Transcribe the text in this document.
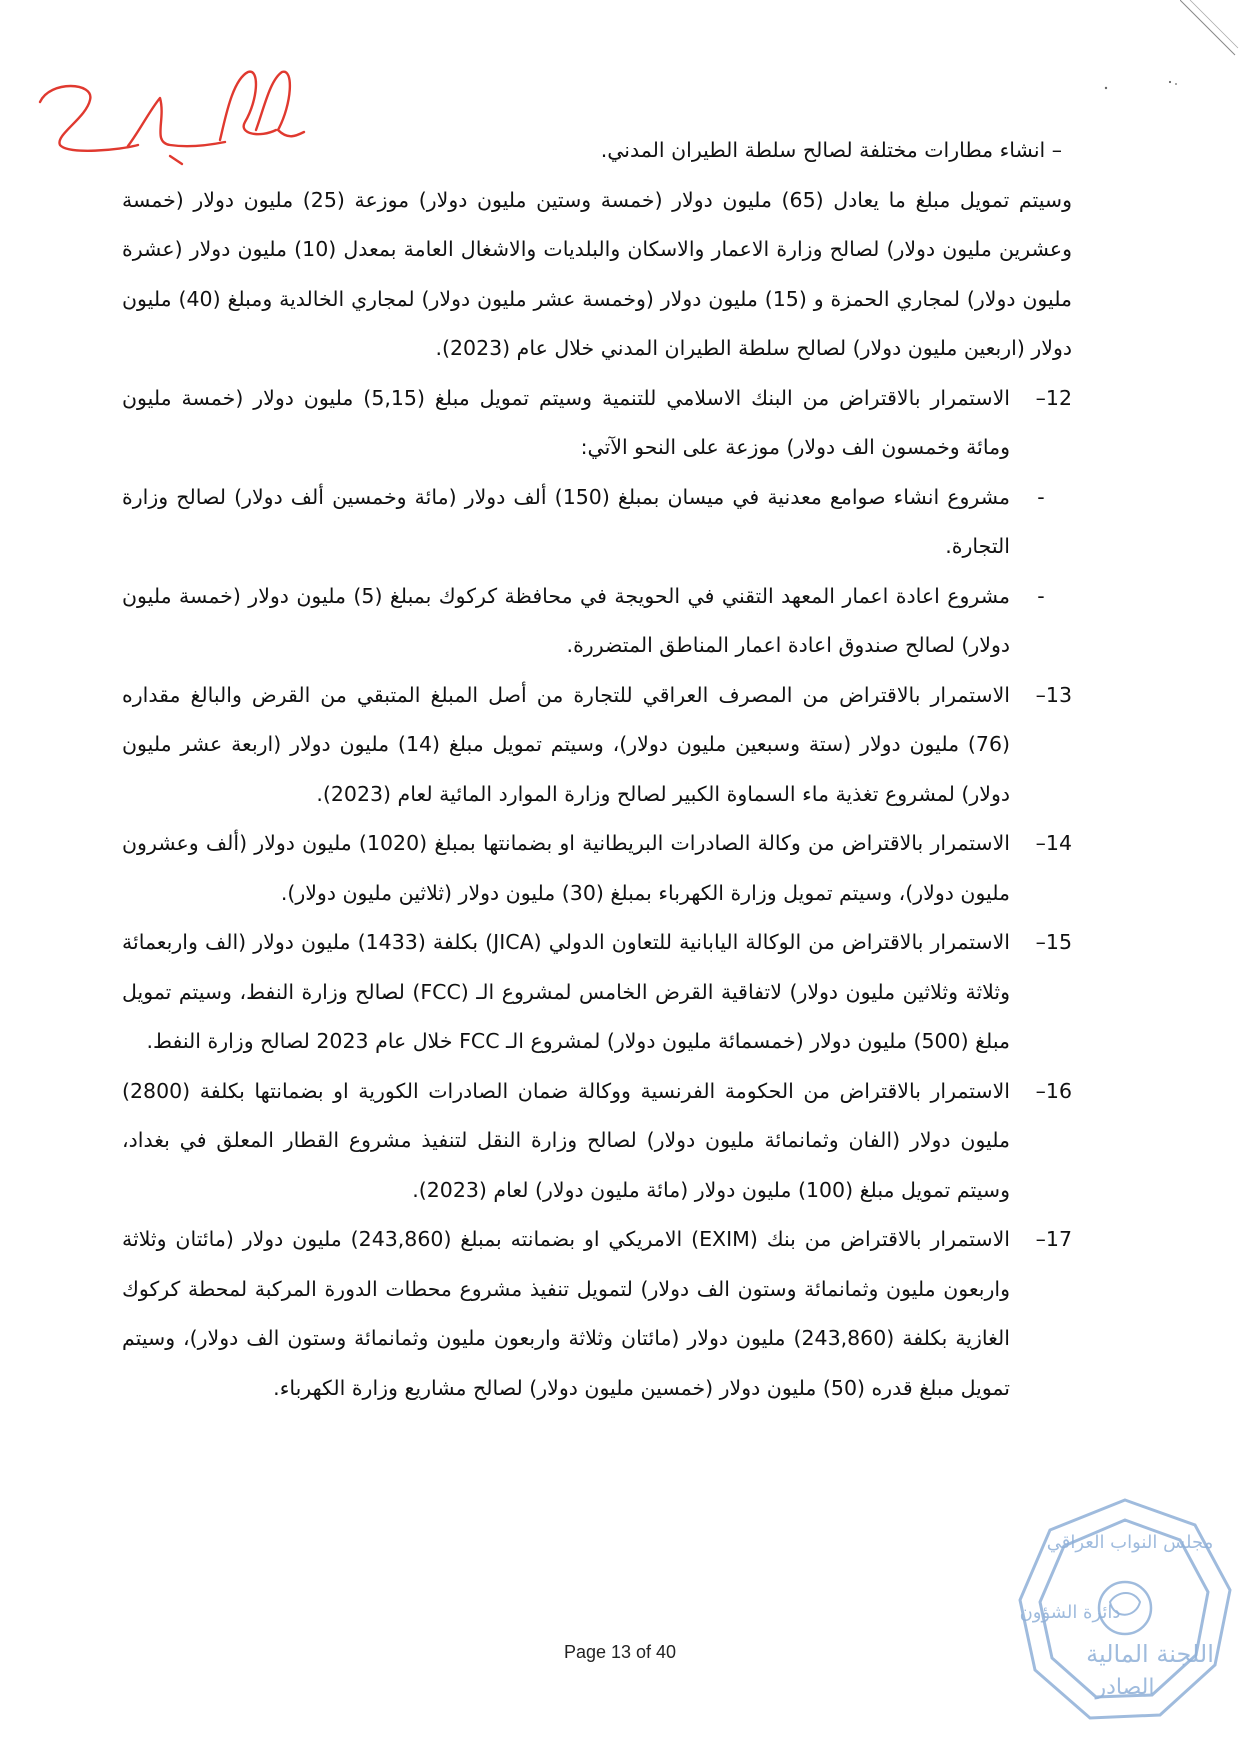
– انشاء مطارات مختلفة لصالح سلطة الطيران المدني.

وسيتم تمويل مبلغ ما يعادل (65) مليون دولار (خمسة وستين مليون دولار) موزعة (25) مليون دولار (خمسة وعشرين مليون دولار) لصالح وزارة الاعمار والاسكان والبلديات والاشغال العامة بمعدل (10) مليون دولار (عشرة مليون دولار) لمجاري الحمزة و (15) مليون دولار (وخمسة عشر مليون دولار) لمجاري الخالدية ومبلغ (40) مليون دولار (اربعين مليون دولار) لصالح سلطة الطيران المدني خلال عام (2023).

12–
الاستمرار بالاقتراض من البنك الاسلامي للتنمية وسيتم تمويل مبلغ (5,15) مليون دولار (خمسة مليون ومائة وخمسون الف دولار) موزعة على النحو الآتي:
-
مشروع انشاء صوامع معدنية في ميسان بمبلغ (150) ألف دولار (مائة وخمسين ألف دولار) لصالح وزارة التجارة.
-
مشروع اعادة اعمار المعهد التقني في الحويجة في محافظة كركوك بمبلغ (5) مليون دولار (خمسة مليون دولار) لصالح صندوق اعادة اعمار المناطق المتضررة.
13–
الاستمرار بالاقتراض من المصرف العراقي للتجارة من أصل المبلغ المتبقي من القرض والبالغ مقداره (76) مليون دولار (ستة وسبعين مليون دولار)، وسيتم تمويل مبلغ (14) مليون دولار (اربعة عشر مليون دولار) لمشروع تغذية ماء السماوة الكبير لصالح وزارة الموارد المائية لعام (2023).
14–
الاستمرار بالاقتراض من وكالة الصادرات البريطانية او بضمانتها بمبلغ (1020) مليون دولار (ألف وعشرون مليون دولار)، وسيتم تمويل وزارة الكهرباء بمبلغ (30) مليون دولار (ثلاثين مليون دولار).
15–
الاستمرار بالاقتراض من الوكالة اليابانية للتعاون الدولي (JICA) بكلفة (1433) مليون دولار (الف واربعمائة وثلاثة وثلاثين مليون دولار) لاتفاقية القرض الخامس لمشروع الـ (FCC) لصالح وزارة النفط، وسيتم تمويل مبلغ (500) مليون دولار (خمسمائة مليون دولار) لمشروع الـ FCC خلال عام 2023 لصالح وزارة النفط.
16–
الاستمرار بالاقتراض من الحكومة الفرنسية ووكالة ضمان الصادرات الكورية او بضمانتها بكلفة (2800) مليون دولار (الفان وثمانمائة مليون دولار) لصالح وزارة النقل لتنفيذ مشروع القطار المعلق في بغداد، وسيتم تمويل مبلغ (100) مليون دولار (مائة مليون دولار) لعام (2023).
17–
الاستمرار بالاقتراض من بنك (EXIM) الامريكي او بضمانته بمبلغ (243,860) مليون دولار (مائتان وثلاثة واربعون مليون وثمانمائة وستون الف دولار) لتمويل تنفيذ مشروع محطات الدورة المركبة لمحطة كركوك الغازية بكلفة (243,860) مليون دولار (مائتان وثلاثة واربعون مليون وثمانمائة وستون الف دولار)، وسيتم تمويل مبلغ قدره (50) مليون دولار (خمسين مليون دولار) لصالح مشاريع وزارة الكهرباء.
مجلس النواب العراقي
دائرة الشؤون
اللجنة المالية
الصادر
Page 13 of 40
